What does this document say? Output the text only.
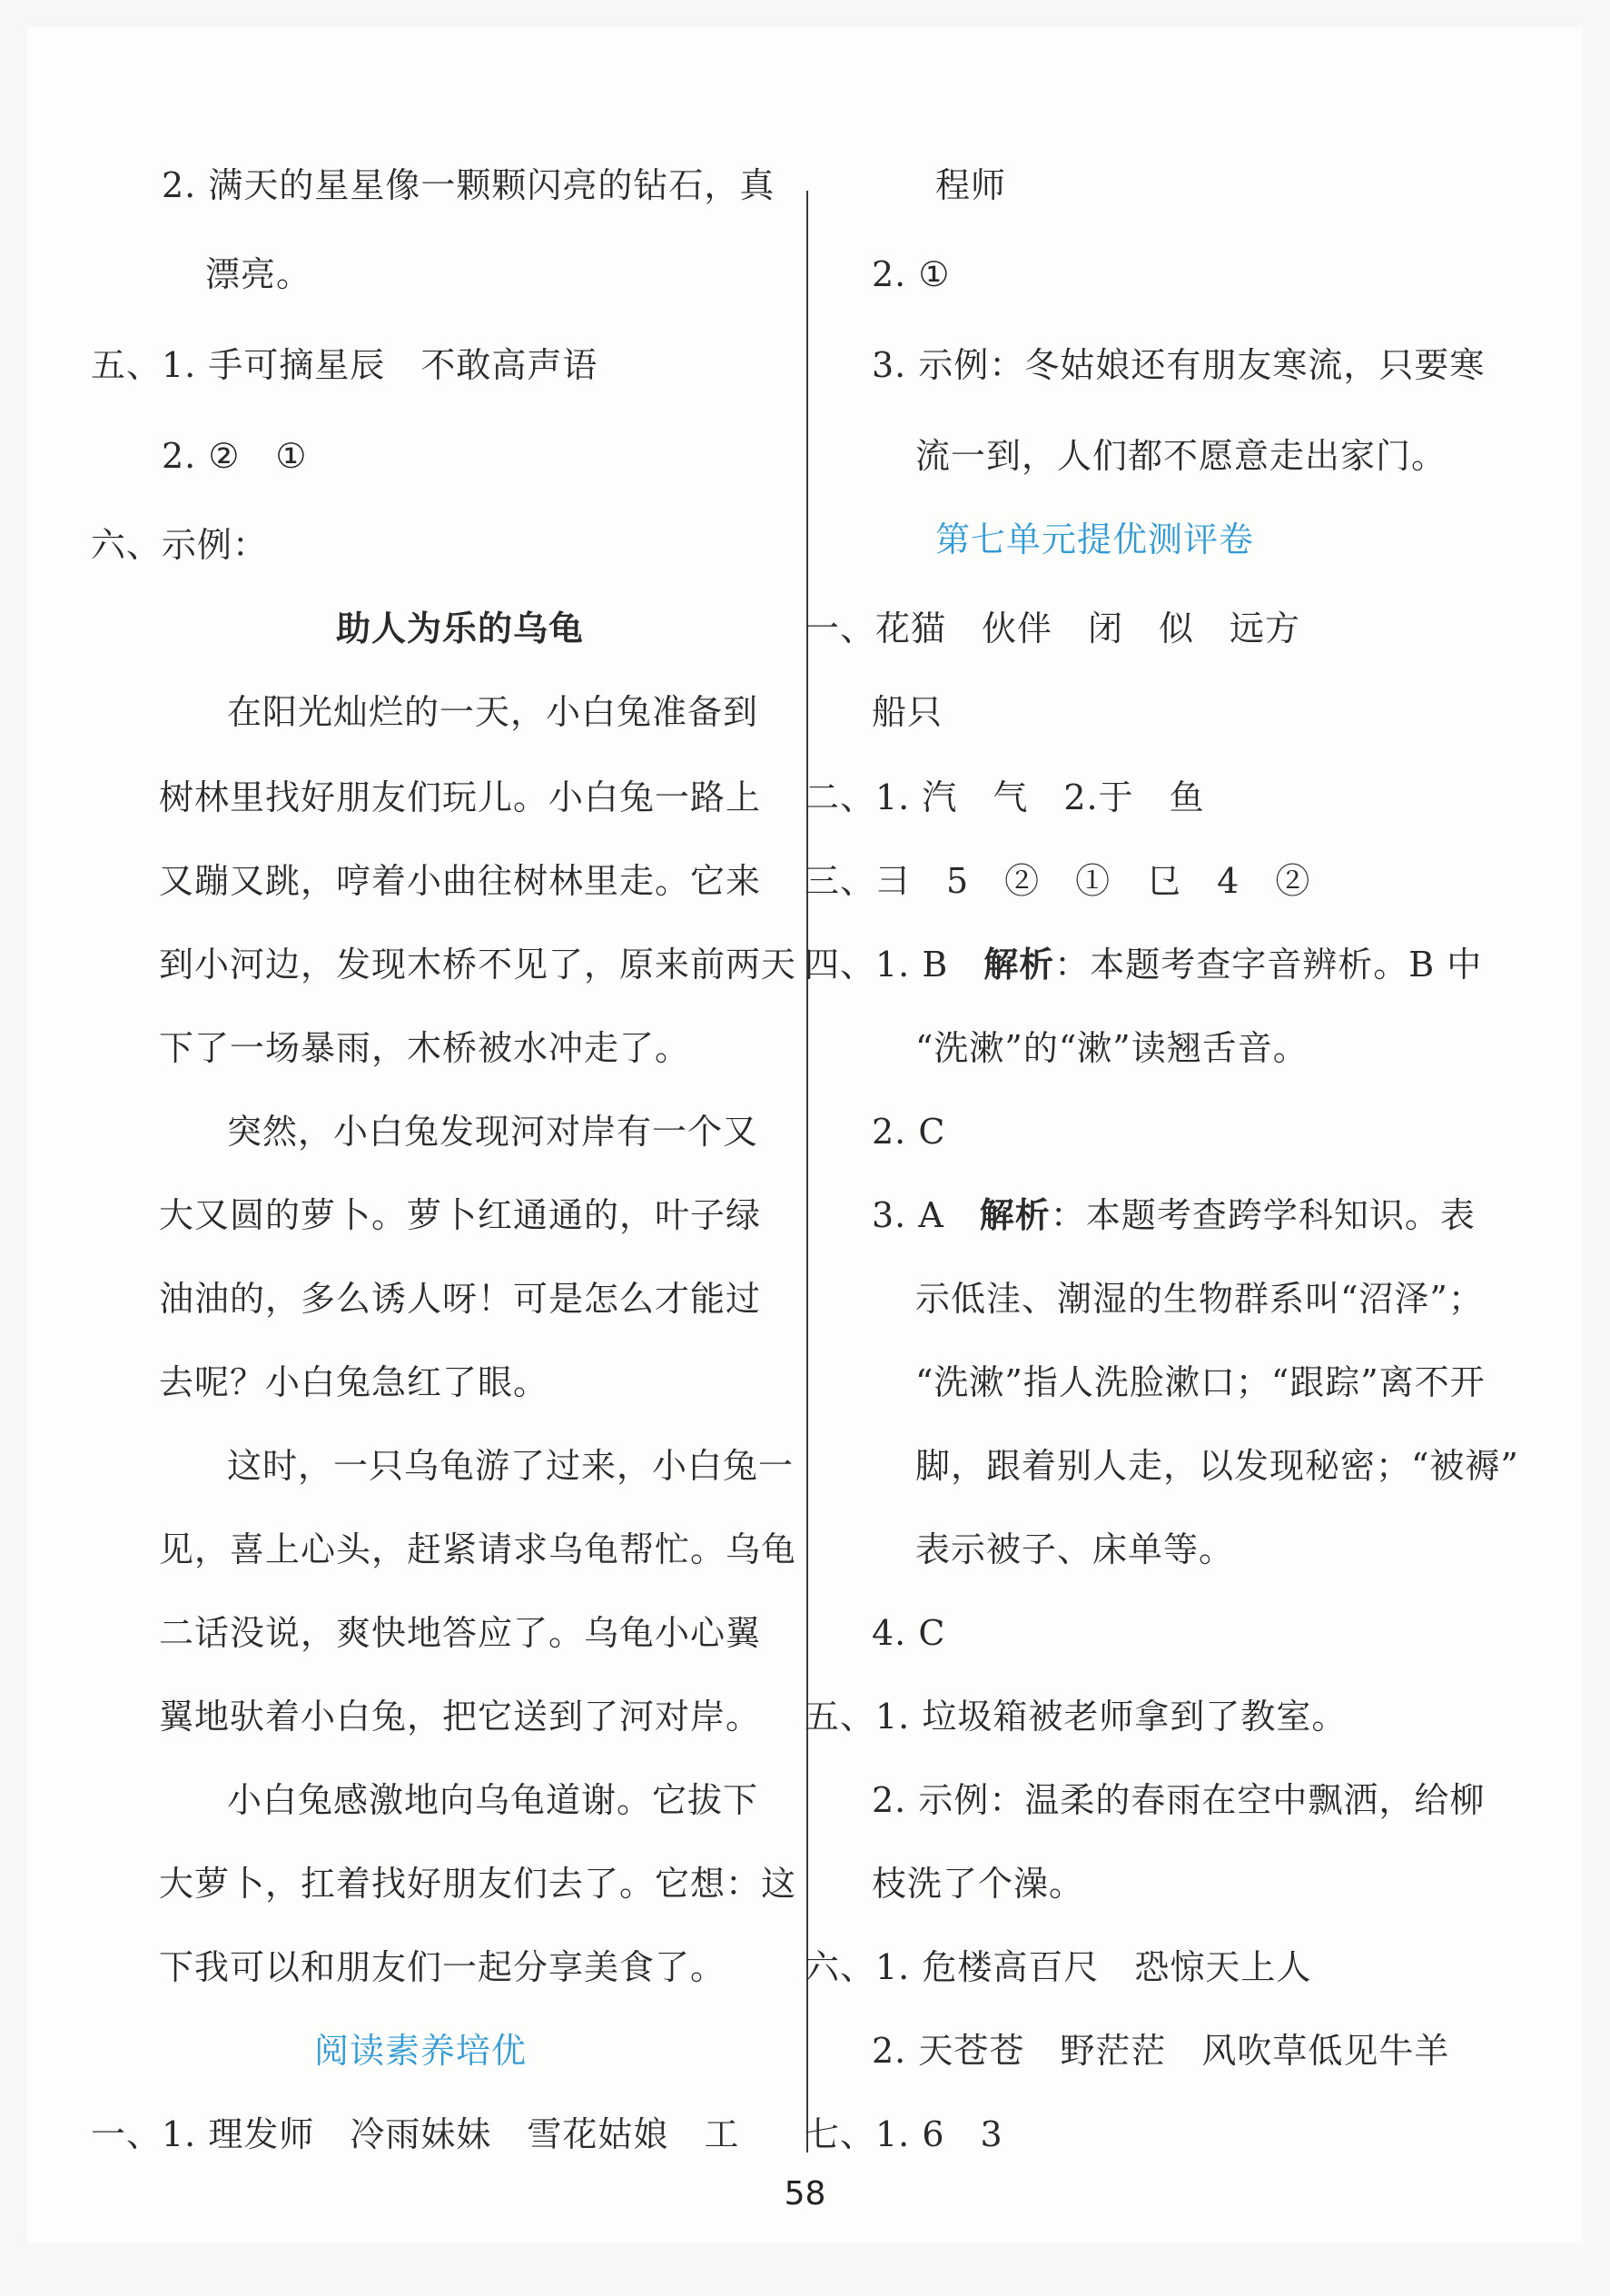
2. 满天的星星像一颗颗闪亮的钻石，真
漂亮。
五、1. 手可摘星辰　不敢高声语
2. ②　①
六、示例：
助人为乐的乌龟
在阳光灿烂的一天，小白兔准备到
树林里找好朋友们玩儿。小白兔一路上
又蹦又跳，哼着小曲往树林里走。它来
到小河边，发现木桥不见了，原来前两天
下了一场暴雨，木桥被水冲走了。
突然，小白兔发现河对岸有一个又
大又圆的萝卜。萝卜红通通的，叶子绿
油油的，多么诱人呀！可是怎么才能过
去呢？小白兔急红了眼。
这时，一只乌龟游了过来，小白兔一
见，喜上心头，赶紧请求乌龟帮忙。乌龟
二话没说，爽快地答应了。乌龟小心翼
翼地驮着小白兔，把它送到了河对岸。
小白兔感激地向乌龟道谢。它拔下
大萝卜，扛着找好朋友们去了。它想：这
下我可以和朋友们一起分享美食了。
阅读素养培优
一、1. 理发师　冷雨妹妹　雪花姑娘　工
程师
2. ①
3. 示例：冬姑娘还有朋友寒流，只要寒
流一到，人们都不愿意走出家门。
第七单元提优测评卷
一、花猫　伙伴　闭　似　远方
船只
二、1. 汽　气　2.于　鱼
三、⺕　5　②　①　㔾　4　②
四、1. B　 解析：本题考查字音辨析。B 中
“洗漱”的“漱”读翘舌音。
2. C
3. A　 解析：本题考查跨学科知识。表
示低洼、潮湿的生物群系叫“沼泽”；
“洗漱”指人洗脸漱口；“跟踪”离不开
脚，跟着别人走，以发现秘密；“被褥”
表示被子、床单等。
4. C
五、1. 垃圾箱被老师拿到了教室。
2. 示例：温柔的春雨在空中飘洒，给柳
枝洗了个澡。
六、1. 危楼高百尺　恐惊天上人
2. 天苍苍　野茫茫　风吹草低见牛羊
七、1. 6　3
58
